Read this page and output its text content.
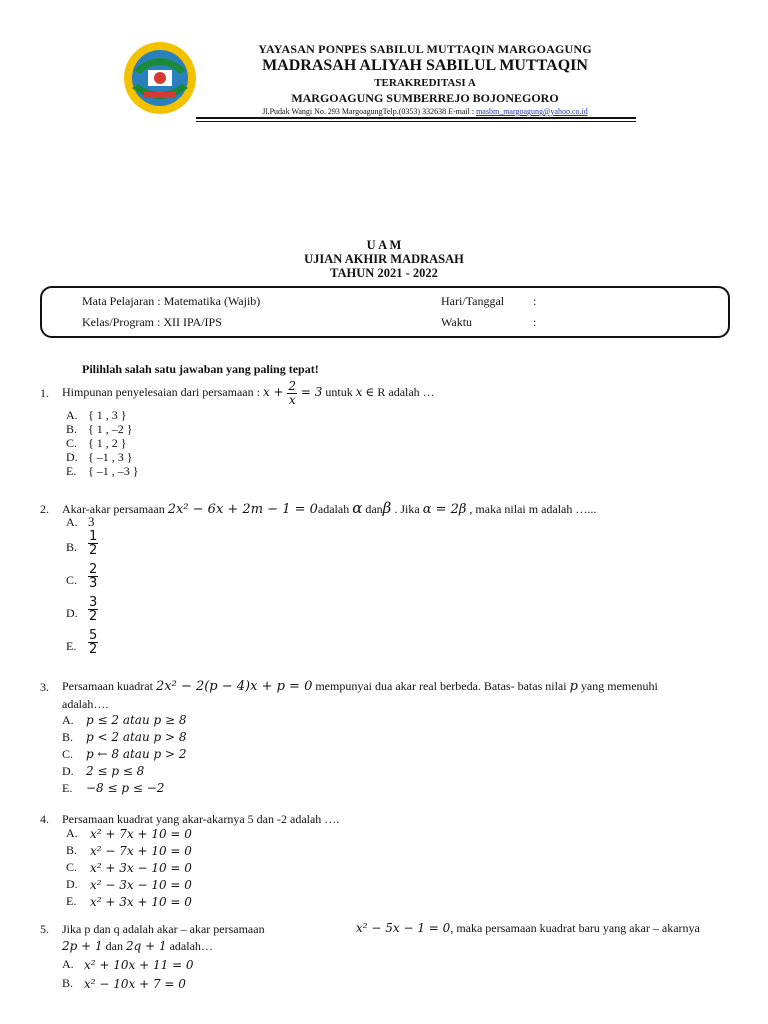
YAYASAN PONPES SABILUL MUTTAQIN MARGOAGUNG
MADRASAH ALIYAH SABILUL MUTTAQIN
TERAKREDITASI A
MARGOAGUNG SUMBERREJO BOJONEGORO
Jl.Pudak Wangi No. 293 MargoagungTelp.(0353) 332638 E-mail : masbm_margoagung@yahoo.co.id
U A M
UJIAN AKHIR MADRASAH
TAHUN 2021 - 2022
Mata Pelajaran : Matematika (Wajib)
Kelas/Program : XII IPA/IPS
Hari/Tanggal :
Waktu	:
Pilihlah salah satu jawaban yang paling tepat!
1. Himpunan penyelesaian dari persamaan : $x + \frac{2}{x} = 3$ untuk x ∈ R adalah …
A. { 1 , 3 }
B. { 1 , –2 }
C. { 1 , 2 }
D. { –1 , 3 }
E. { –1 , –3 }
2. Akar-akar persamaan 2x² − 6x + 2m − 1 = 0adalah α danβ . Jika α = 2β , maka nilai m adalah …...
A. 3
B. $\frac{1}{2}$
C. $\frac{2}{3}$
D. $\frac{3}{2}$
E. $\frac{5}{2}$
3. Persamaan kuadrat 2x² − 2(p − 4)x + p = 0 mempunyai dua akar real berbeda. Batas- batas nilai p yang memenuhi
adalah….
A. p ≤ 2 atau p ≥ 8
B. p < 2 atau p > 8
C. p ← 8 atau p > 2
D. 2 ≤ p ≤ 8
E. −8 ≤ p ≤ −2
4. Persamaan kuadrat yang akar-akarnya 5 dan -2 adalah ….
A. x² + 7x + 10 = 0
B. x² − 7x + 10 = 0
C. x² + 3x − 10 = 0
D. x² − 3x − 10 = 0
E. x² + 3x + 10 = 0
5. Jika p dan q adalah akar – akar persamaan	x² − 5x − 1 = 0, maka persamaan kuadrat baru yang akar – akarnya
2p + 1 dan 2q + 1 adalah…
A. x² + 10x + 11 = 0
B. x² − 10x + 7 = 0
